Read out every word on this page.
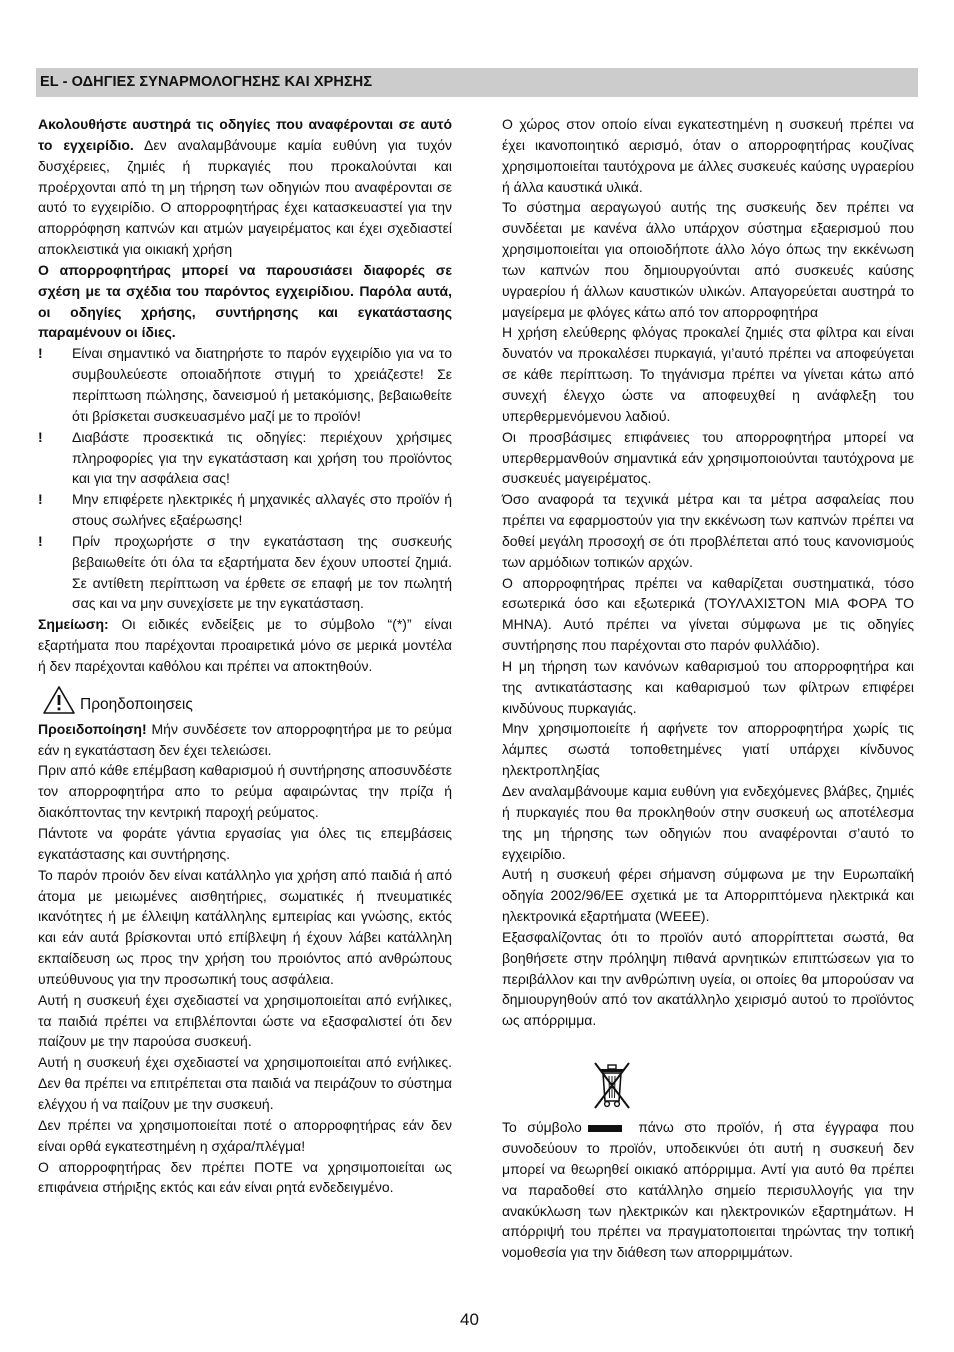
EL - ΟΔΗΓΙΕΣ ΣΥΝΑΡΜΟΛΟΓΗΣΗΣ ΚΑΙ ΧΡΗΣΗΣ

Ακολουθήστε αυστηρά τις οδηγίες που αναφέρονται σε αυτό το εγχειρίδιο. Δεν αναλαμβάνουμε καμία ευθύνη για τυχόν δυσχέρειες, ζημιές ή πυρκαγιές που προκαλούνται και προέρχονται από τη μη τήρηση των οδηγιών που αναφέρονται σε αυτό το εγχειρίδιο. Ο απορροφητήρας έχει κατασκευαστεί για την απορρόφηση καπνών και ατμών μαγειρέματος και έχει σχεδιαστεί αποκλειστικά για οικιακή χρήση

Ο απορροφητήρας μπορεί να παρουσιάσει διαφορές σε σχέση με τα σχέδια του παρόντος εγχειρίδιου. Παρόλα αυτά, οι οδηγίες χρήσης, συντήρησης και εγκατάστασης παραμένουν οι ίδιες.

! Είναι σημαντικό να διατηρήστε το παρόν εγχειρίδιο για να το συμβουλεύεστε οποιαδήποτε στιγμή το χρειάζεστε! Σε περίπτωση πώλησης, δανεισμού ή μετακόμισης, βεβαιωθείτε ότι βρίσκεται συσκευασμένο μαζί με το προϊόν!

! Διαβάστε προσεκτικά τις οδηγίες: περιέχουν χρήσιμες πληροφορίες για την εγκατάσταση και χρήση του προϊόντος και για την ασφάλεια σας!

! Μην επιφέρετε ηλεκτρικές ή μηχανικές αλλαγές στο προϊόν ή στους σωλήνες εξαέρωσης!

! Πρίν προχωρήστε σ την εγκατάσταση της συσκευής βεβαιωθείτε ότι όλα τα εξαρτήματα δεν έχουν υποστεί ζημιά. Σε αντίθετη περίπτωση να έρθετε σε επαφή με τον πωλητή σας και να μην συνεχίσετε με την εγκατάσταση.

Σημείωση: Οι ειδικές ενδείξεις με το σύμβολο “(*)” είναι εξαρτήματα που παρέχονται προαιρετικά μόνο σε μερικά μοντέλα ή δεν παρέχονται καθόλου και πρέπει να αποκτηθούν.

Προηδοποιησεις

Προειδοποίηση! Μήν συνδέσετε τον απορροφητήρα με το ρεύμα εάν η εγκατάσταση δεν έχει τελειώσει.

Πριν από κάθε επέμβαση καθαρισμού ή συντήρησης αποσυνδέστε τον απορροφητήρα απο το ρεύμα αφαιρώντας την πρίζα ή διακόπτοντας την κεντρική παροχή ρεύματος.

Πάντοτε να φοράτε γάντια εργασίας για όλες τις επεμβάσεις εγκατάστασης και συντήρησης.

Το παρόν προιόν δεν είναι κατάλληλο για χρήση από παιδιά ή από άτομα με μειωμένες αισθητήριες, σωματικές ή πνευματικές ικανότητες ή με έλλειψη κατάλληλης εμπειρίας και γνώσης, εκτός και εάν αυτά βρίσκονται υπό επίβλεψη ή έχουν λάβει κατάλληλη εκπαίδευση ως προς την χρήση του προιόντος από ανθρώπους υπεύθυνους για την προσωπική τους ασφάλεια.

Αυτή η συσκευή έχει σχεδιαστεί να χρησιμοποιείται από ενήλικες, τα παιδιά πρέπει να επιβλέπονται ώστε να εξασφαλιστεί ότι δεν παίζουν με την παρούσα συσκευή.

Αυτή η συσκευή έχει σχεδιαστεί να χρησιμοποιείται από ενήλικες. Δεν θα πρέπει να επιτρέπεται στα παιδιά να πειράζουν το σύστημα ελέγχου ή να παίζουν με την συσκευή.

Δεν πρέπει να χρησιμοποιείται ποτέ ο απορροφητήρας εάν δεν είναι ορθά εγκατεστημένη η σχάρα/πλέγμα!

Ο απορροφητήρας δεν πρέπει ΠΟΤΕ να χρησιμοποιείται ως επιφάνεια στήριξης εκτός και εάν είναι ρητά ενδεδειγμένο.

Ο χώρος στον οποίο είναι εγκατεστημένη η συσκευή πρέπει να έχει ικανοποιητικό αερισμό, όταν ο απορροφητήρας κουζίνας χρησιμοποιείται ταυτόχρονα με άλλες συσκευές καύσης υγραερίου ή άλλα καυστικά υλικά.

Το σύστημα αεραγωγού αυτής της συσκευής δεν πρέπει να συνδέεται με κανένα άλλο υπάρχον σύστημα εξαερισμού που χρησιμοποιείται για οποιοδήποτε άλλο λόγο όπως την εκκένωση των καπνών που δημιουργούνται από συσκευές καύσης υγραερίου ή άλλων καυστικών υλικών. Απαγορεύεται αυστηρά το μαγείρεμα με φλόγες κάτω από τον απορροφητήρα

Η χρήση ελεύθερης φλόγας προκαλεί ζημιές στα φίλτρα και είναι δυνατόν να προκαλέσει πυρκαγιά, γι’αυτό πρέπει να αποφεύγεται σε κάθε περίπτωση. Το τηγάνισμα πρέπει να γίνεται κάτω από συνεχή έλεγχο ώστε να αποφευχθεί η ανάφλεξη του υπερθερμενόμενου λαδιού.

Οι προσβάσιμες επιφάνειες του απορροφητήρα μπορεί να υπερθερμανθούν σημαντικά εάν χρησιμοποιούνται ταυτόχρονα με συσκευές μαγειρέματος.

Όσο αναφορά τα τεχνικά μέτρα και τα μέτρα ασφαλείας που πρέπει να εφαρμοστούν για την εκκένωση των καπνών πρέπει να δοθεί μεγάλη προσοχή σε ότι προβλέπεται από τους κανονισμούς των αρμόδιων τοπικών αρχών.

Ο απορροφητήρας πρέπει να καθαρίζεται συστηματικά, τόσο εσωτερικά όσο και εξωτερικά (ΤΟΥΛΑΧΙΣΤΟΝ ΜΙΑ ΦΟΡΑ ΤΟ ΜΗΝΑ). Αυτό πρέπει να γίνεται σύμφωνα με τις οδηγίες συντήρησης που παρέχονται στο παρόν φυλλάδιο).

Η μη τήρηση των κανόνων καθαρισμού του απορροφητήρα και της αντικατάστασης και καθαρισμού των φίλτρων επιφέρει κινδύνους πυρκαγιάς.

Μην χρησιμοποιείτε ή αφήνετε τον απορροφητήρα χωρίς τις λάμπες σωστά τοποθετημένες γιατί υπάρχει κίνδυνος ηλεκτροπληξίας

Δεν αναλαμβάνουμε καμια ευθύνη για ενδεχόμενες βλάβες, ζημιές ή πυρκαγιές που θα προκληθούν στην συσκευή ως αποτέλεσμα της μη τήρησης των οδηγιών που αναφέρονται σ’αυτό το εγχειρίδιο.

Αυτή η συσκευή φέρει σήμανση σύμφωνα με την Ευρωπαϊκή οδηγία 2002/96/ΕΕ σχετικά με τα Απορριπτόμενα ηλεκτρικά και ηλεκτρονικά εξαρτήματα (WEEE).

Εξασφαλίζοντας ότι το προϊόν αυτό απορρίπτεται σωστά, θα βοηθήσετε στην πρόληψη πιθανά αρνητικών επιπτώσεων για το περιβάλλον και την ανθρώπινη υγεία, οι οποίες θα μπορούσαν να δημιουργηθούν από τον ακατάλληλο χειρισμό αυτού το προϊόντος ως απόρριμμα.

Το σύμβολο	πάνω στο προϊόν, ή στα έγγραφα που συνοδεύουν το προϊόν, υποδεικνύει ότι αυτή η συσκευή δεν μπορεί να θεωρηθεί οικιακό απόρριμμα. Αντί για αυτό θα πρέπει να παραδοθεί στο κατάλληλο σημείο περισυλλογής για την ανακύκλωση των ηλεκτρικών και ηλεκτρονικών εξαρτημάτων. Η απόρριψή του πρέπει να πραγματοποιειται τηρώντας την τοπική νομοθεσία για την διάθεση των απορριμμάτων.

40
